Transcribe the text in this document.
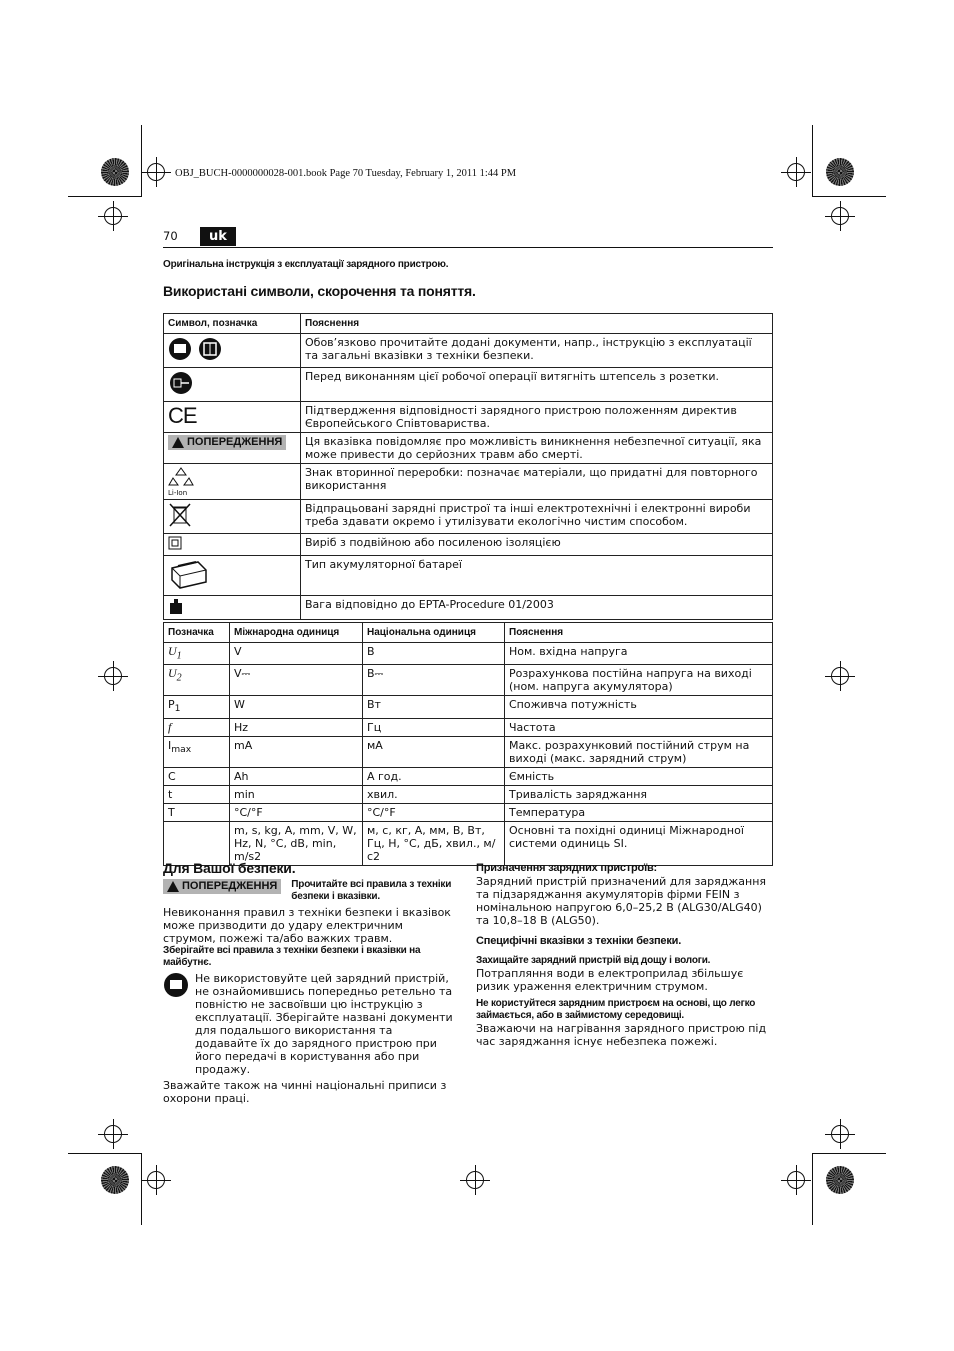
OBJ_BUCH-0000000028-001.book Page 70 Tuesday, February 1, 2011 1:44 PM
70	uk
Оригінальна інструкція з експлуатації зарядного пристрою.
Використані символи, скорочення та поняття.
Символ, позначка	Пояснення
	Обов’язково прочитайте додані документи, напр., інструкцію з експлуатації та загальні вказівки з техніки безпеки.
	Перед виконанням цієї робочої операції витягніть штепсель з розетки.
CE	Підтвердження відповідності зарядного пристрою положенням директив Європейського Співтовариства.

ПОПЕРЕДЖЕННЯ	Ця вказівка повідомляє про можливість виникнення небезпечної ситуації, яка може привести до серйозних травм або смерті.

Li-Ion	Знак вторинної переробки: позначає матеріали, що придатні для повторного використання
	Відпрацьовані зарядні пристрої та інші електротехнічні і електронні вироби треба здавати окремо і утилізувати екологічно чистим способом.
	Виріб з подвійною або посиленою ізоляцією
	Тип акумуляторної батареї
	Вага відповідно до EPTA-Procedure 01/2003
Позначка	Міжнародна одиниця	Національна одиниця	Пояснення
$U_1$	V	В	Ном. вхідна напруга
$U_2$	V⎓	В⎓	Розрахункова постійна напруга на виході (ном. напруга акумулятора)
$P_1$	W	Вт	Споживча потужність
f	Hz	Гц	Частота
$I_{max}$	mA	мА	Макс. розрахунковий постійний струм на виході (макс. зарядний струм)
C	Ah	А год.	Ємність
t	min	хвил.	Тривалість заряджання
T	°C/°F	°C/°F	Температура
	m, s, kg, A, mm, V, W, Hz, N, °C, dB, min, m/s2	м, с, кг, А, мм, В, Вт, Гц, Н, °C, дБ, хвил., м/с2	Основні та похідні одиниці Міжнародної системи одиниць SI.
Для Вашої безпеки.
ПОПЕРЕДЖЕННЯ Прочитайте всі правила з техніки безпеки і вказівки.

Невиконання правил з техніки безпеки і вказівок може призводити до удару електричним струмом, пожежі та/або важких травм.

Зберігайте всі правила з техніки безпеки і вказівки на майбутнє.

Не використовуйте цей зарядний пристрій, не ознайомившись попередньо ретельно та повністю не засвоївши цю інструкцію з експлуатації. Зберігайте названі документи для подальшого використання та додавайте їх до зарядного пристрою при його передачі в користування або при продажу.

Зважайте також на чинні національні приписи з охорони праці.

Призначення зарядних пристроїв:

Зарядний пристрій призначений для заряджання та підзаряджання акумуляторів фірми FEIN з номінальною напругою 6,0–25,2 В (ALG30/ALG40) та 10,8–18 В (ALG50).

Специфічні вказівки з техніки безпеки.

Захищайте зарядний пристрій від дощу і вологи.

Потрапляння води в електроприлад збільшує ризик ураження електричним струмом.

Не користуйтеся зарядним пристроєм на основі, що легко займається, або в займистому середовищі.

Зважаючи на нагрівання зарядного пристрою під час заряджання існує небезпека пожежі.
